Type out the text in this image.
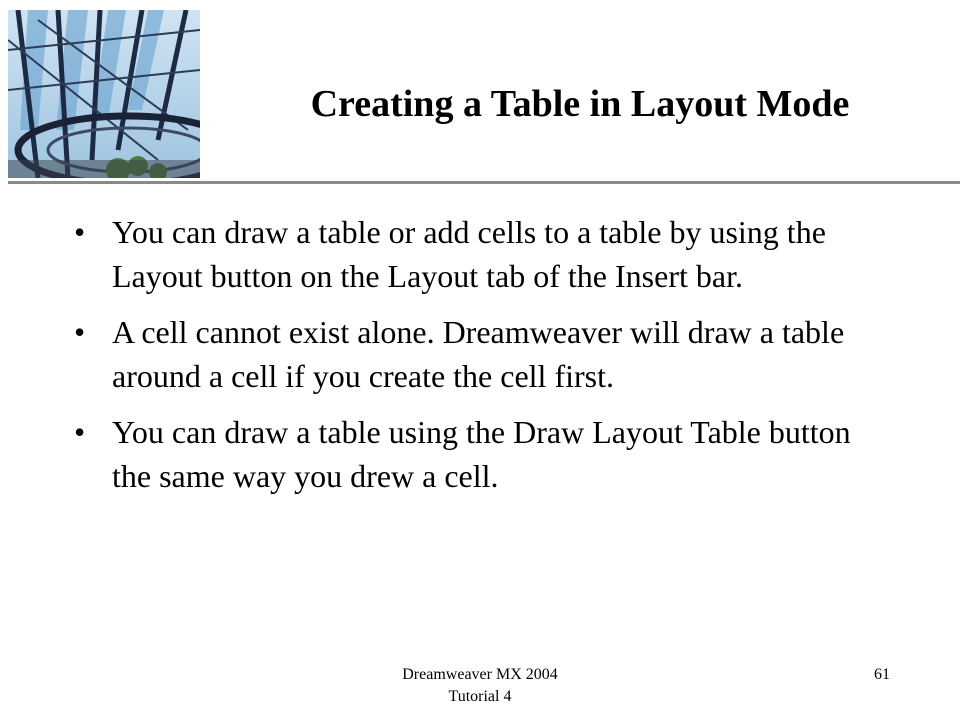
Creating a Table in Layout Mode
• You can draw a table or add cells to a table by using the Layout button on the Layout tab of the Insert bar.
• A cell cannot exist alone. Dreamweaver will draw a table around a cell if you create the cell first.
• You can draw a table using the Draw Layout Table button the same way you drew a cell.
Dreamweaver MX 2004
Tutorial 4
61
